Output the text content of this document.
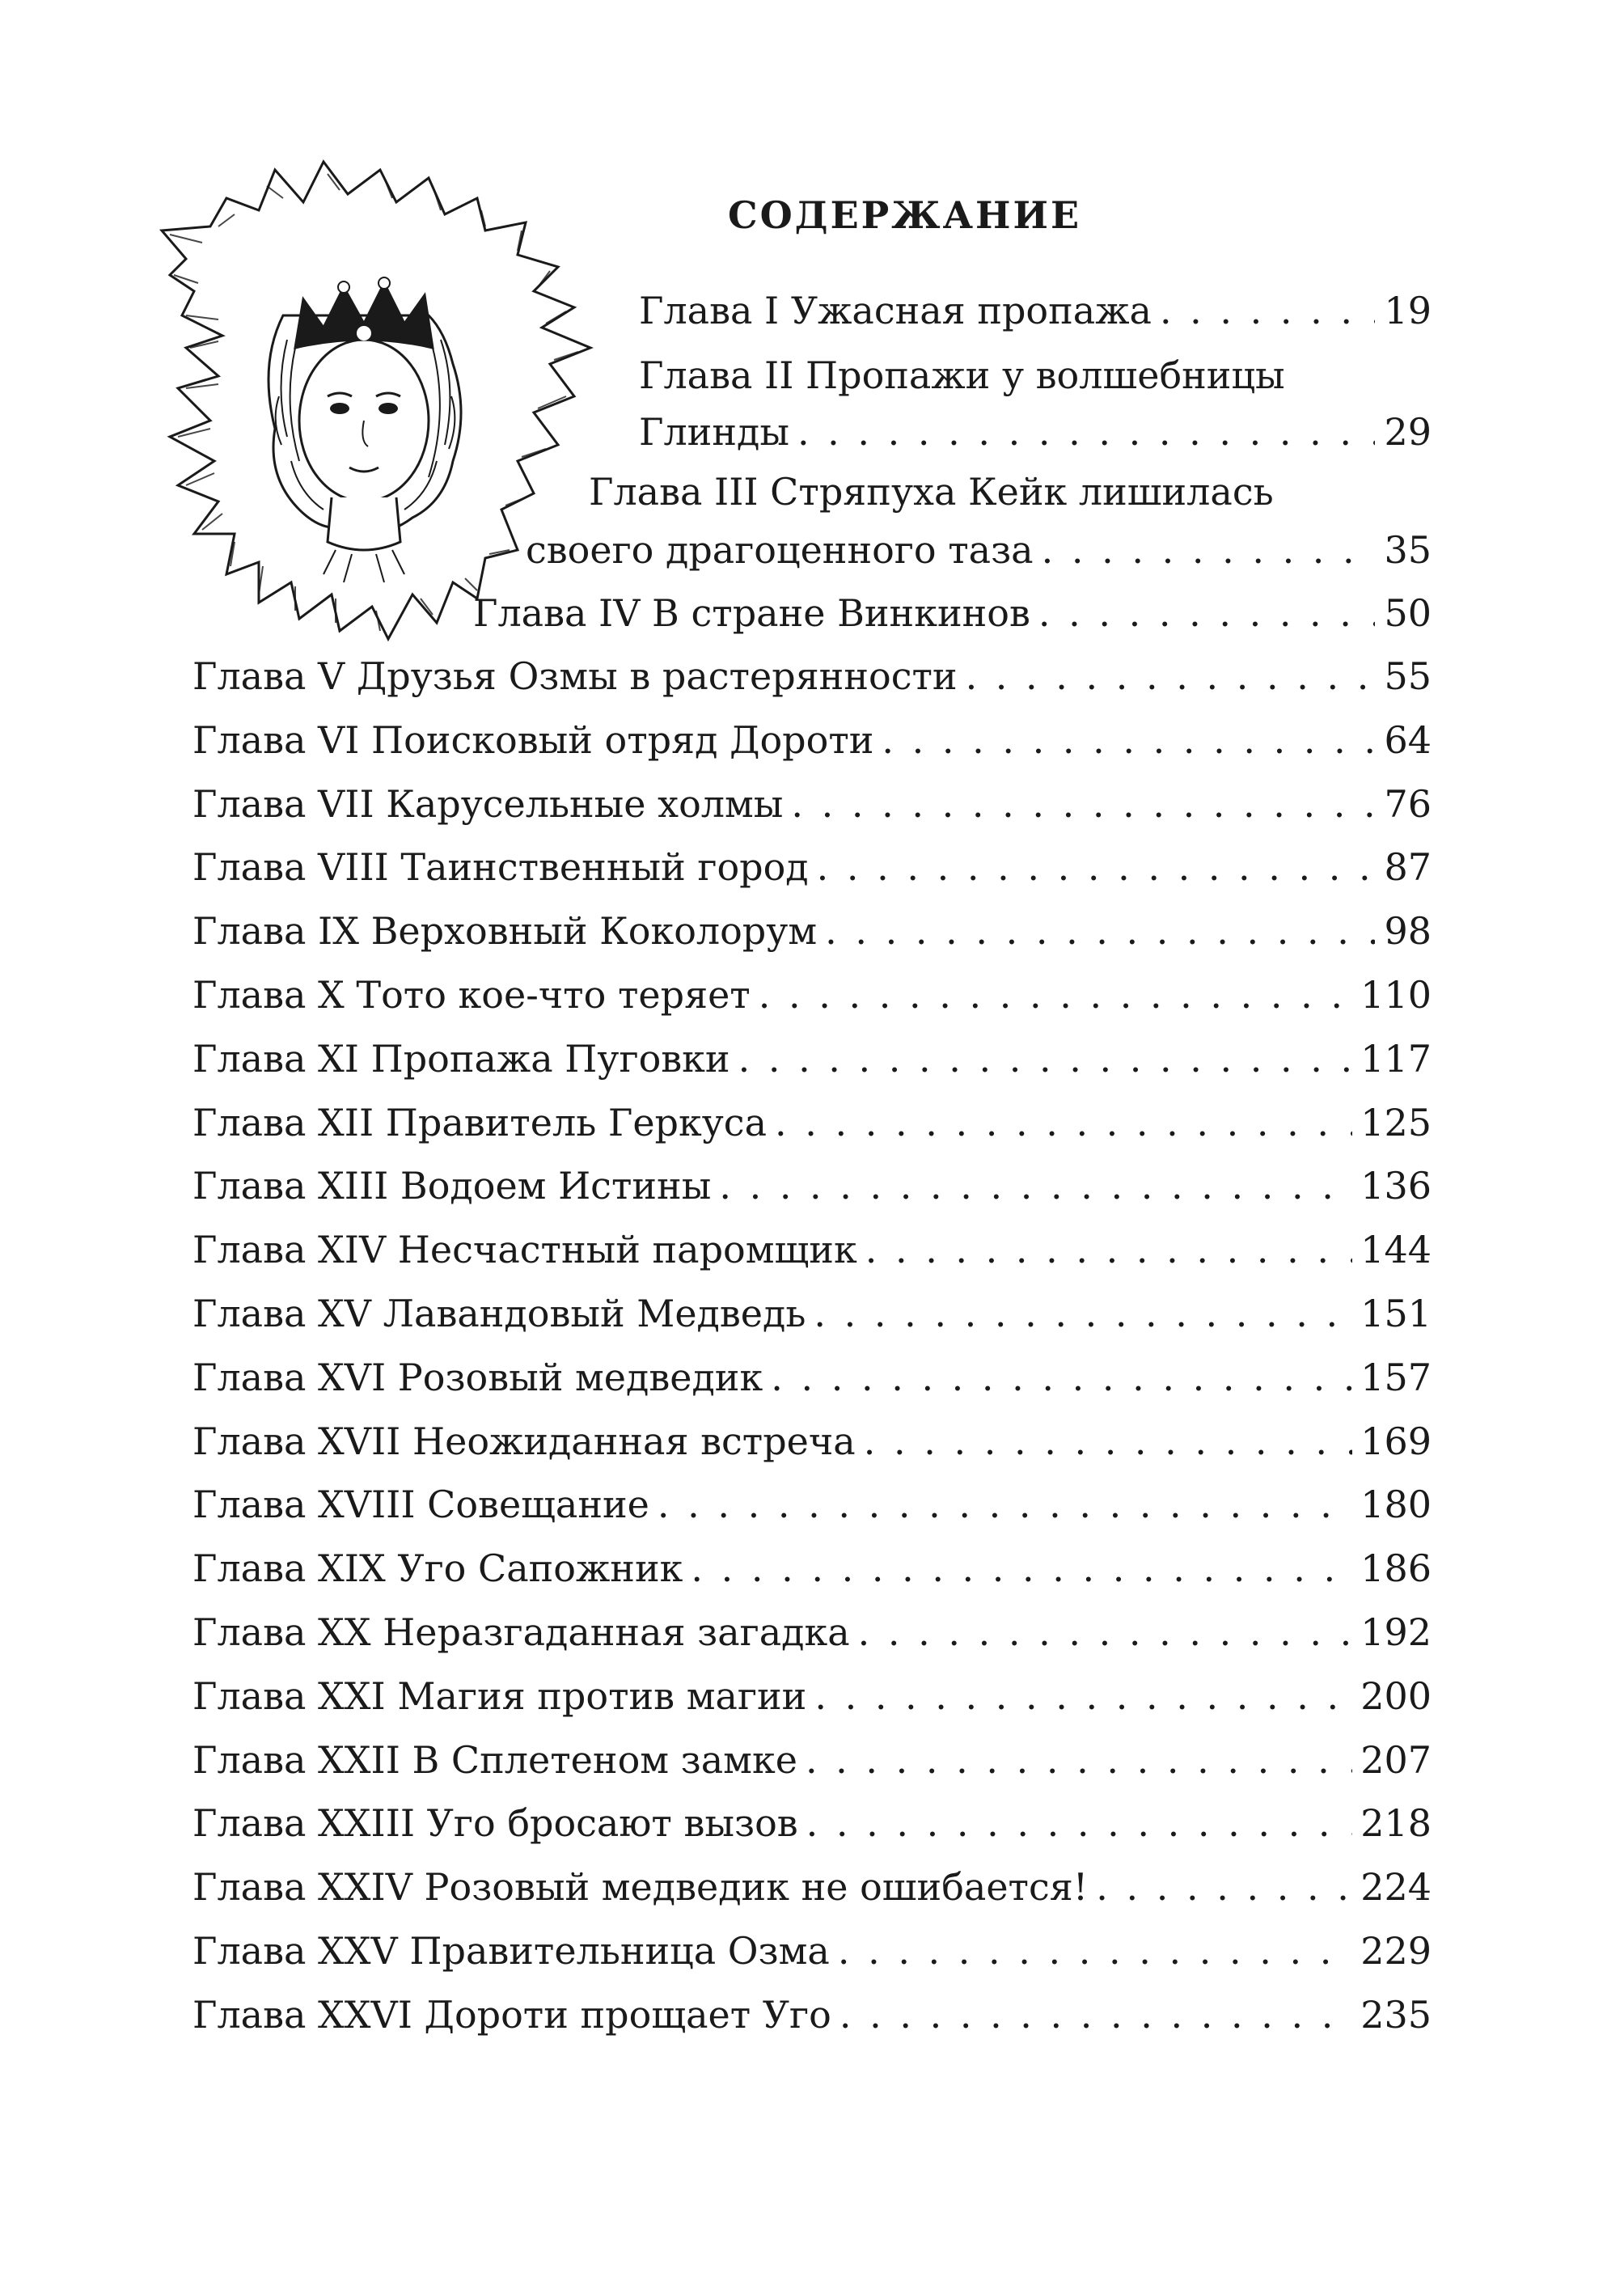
СОДЕРЖАНИЕ
Глава I Ужасная пропажа . . .	19
Глава II Пропажи у волшебницы
Глинды . . .	29
Глава III Стряпуха Кейк лишилась
своего драгоценного таза . . .	35
Глава IV В стране Винкинов . . .	50
Глава V Друзья Озмы в растерянности . . .	55
Глава VI Поисковый отряд Дороти . . .	64
Глава VII Карусельные холмы . . .	76
Глава VIII Таинственный город . . .	87
Глава IX Верховный Коколорум . . .	98
Глава X Тото кое-что теряет . . .	110
Глава XI Пропажа Пуговки . . .	117
Глава XII Правитель Геркуса . . .	125
Глава XIII Водоем Истины . . .	136
Глава XIV Несчастный паромщик . . .	144
Глава XV Лавандовый Медведь . . .	151
Глава XVI Розовый медведик . . .	157
Глава XVII Неожиданная встреча . . .	169
Глава XVIII Совещание . . .	180
Глава XIX Уго Сапожник . . .	186
Глава XX Неразгаданная загадка . . .	192
Глава XXI Магия против магии . . .	200
Глава XXII В Сплетеном замке . . .	207
Глава XXIII Уго бросают вызов . . .	218
Глава XXIV Розовый медведик не ошибается! . . .	224
Глава XXV Правительница Озма . . .	229
Глава XXVI Дороти прощает Уго . . .	235
